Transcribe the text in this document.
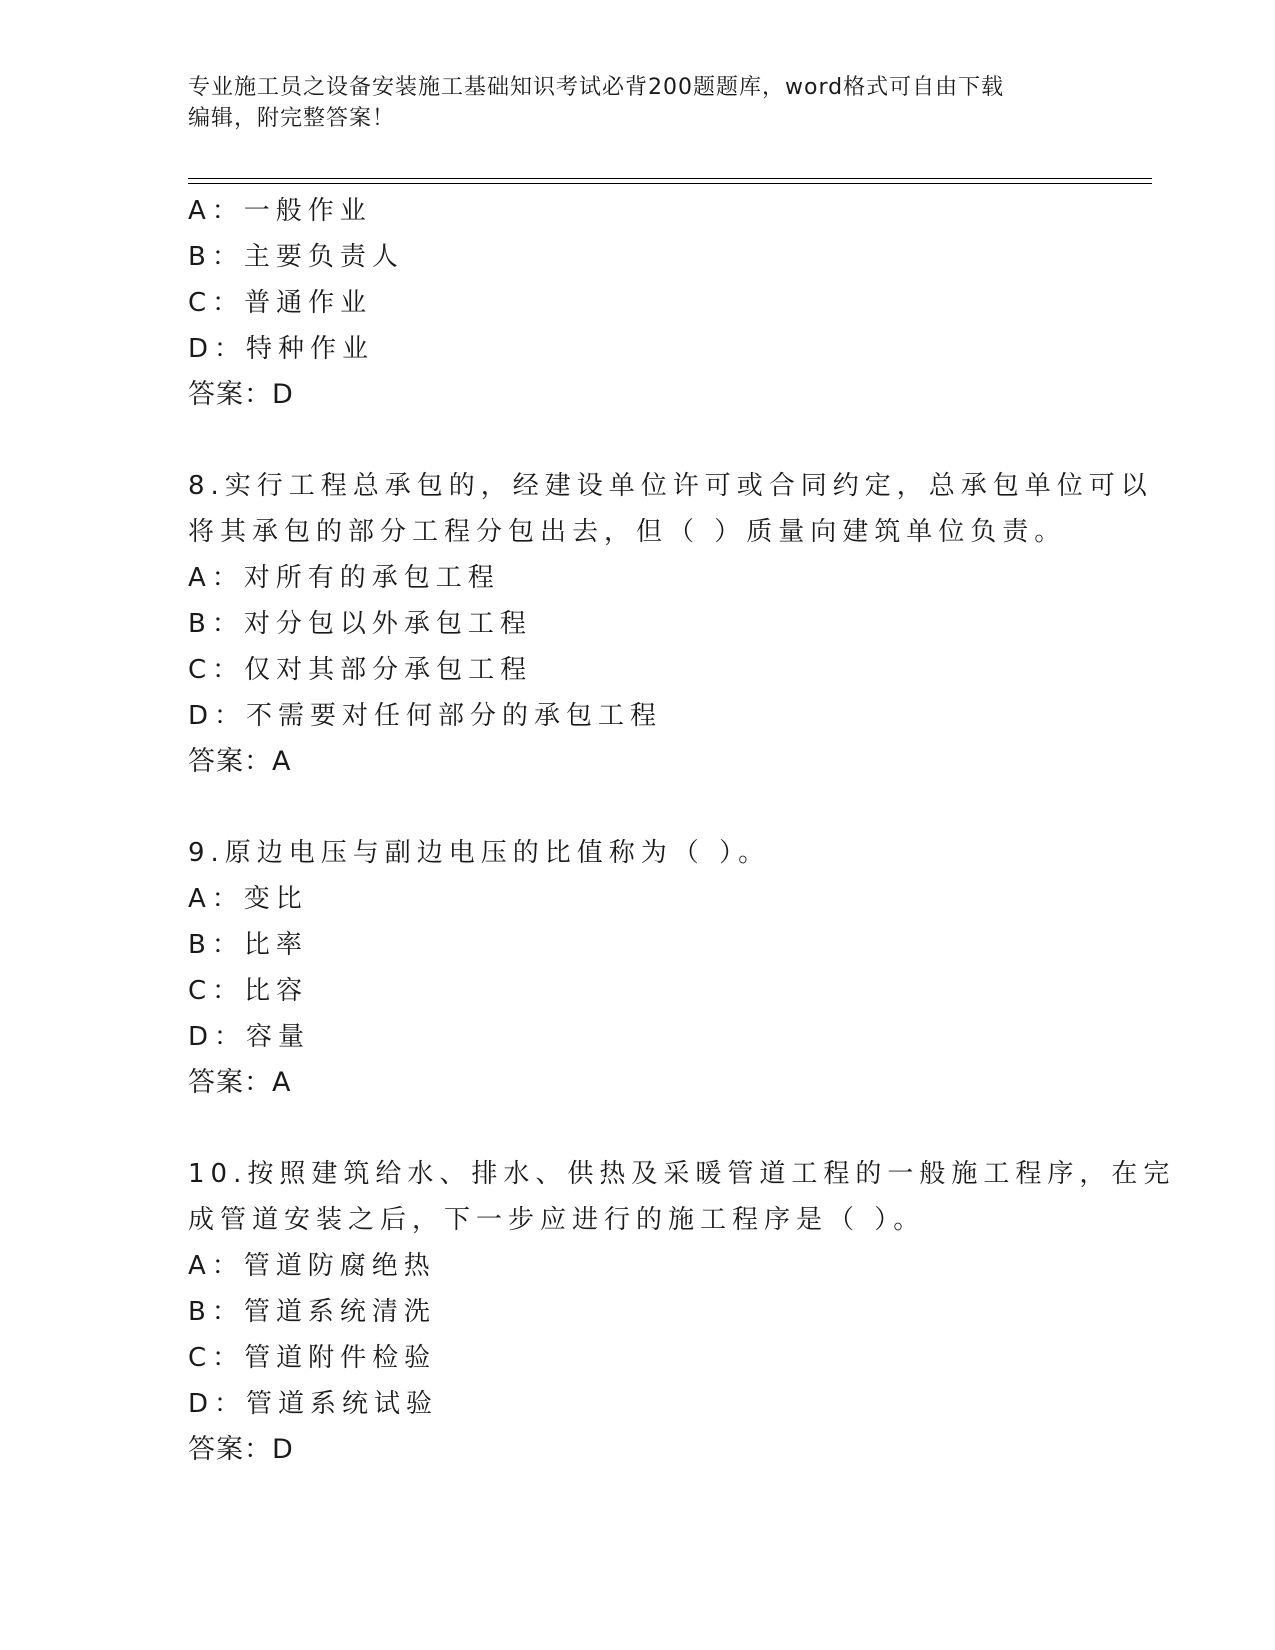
专业施工员之设备安装施工基础知识考试必背200题题库，word格式可自由下载
编辑，附完整答案！
A：一般作业
B：主要负责人
C：普通作业
D：特种作业
答案：D
8.实行工程总承包的，经建设单位许可或合同约定，总承包单位可以
将其承包的部分工程分包出去，但（ ）质量向建筑单位负责。
A：对所有的承包工程
B：对分包以外承包工程
C：仅对其部分承包工程
D：不需要对任何部分的承包工程
答案：A
9.原边电压与副边电压的比值称为（ ）。
A：变比
B：比率
C：比容
D：容量
答案：A
10.按照建筑给水、排水、供热及采暖管道工程的一般施工程序，在完
成管道安装之后，下一步应进行的施工程序是（ ）。
A：管道防腐绝热
B：管道系统清洗
C：管道附件检验
D：管道系统试验
答案：D
